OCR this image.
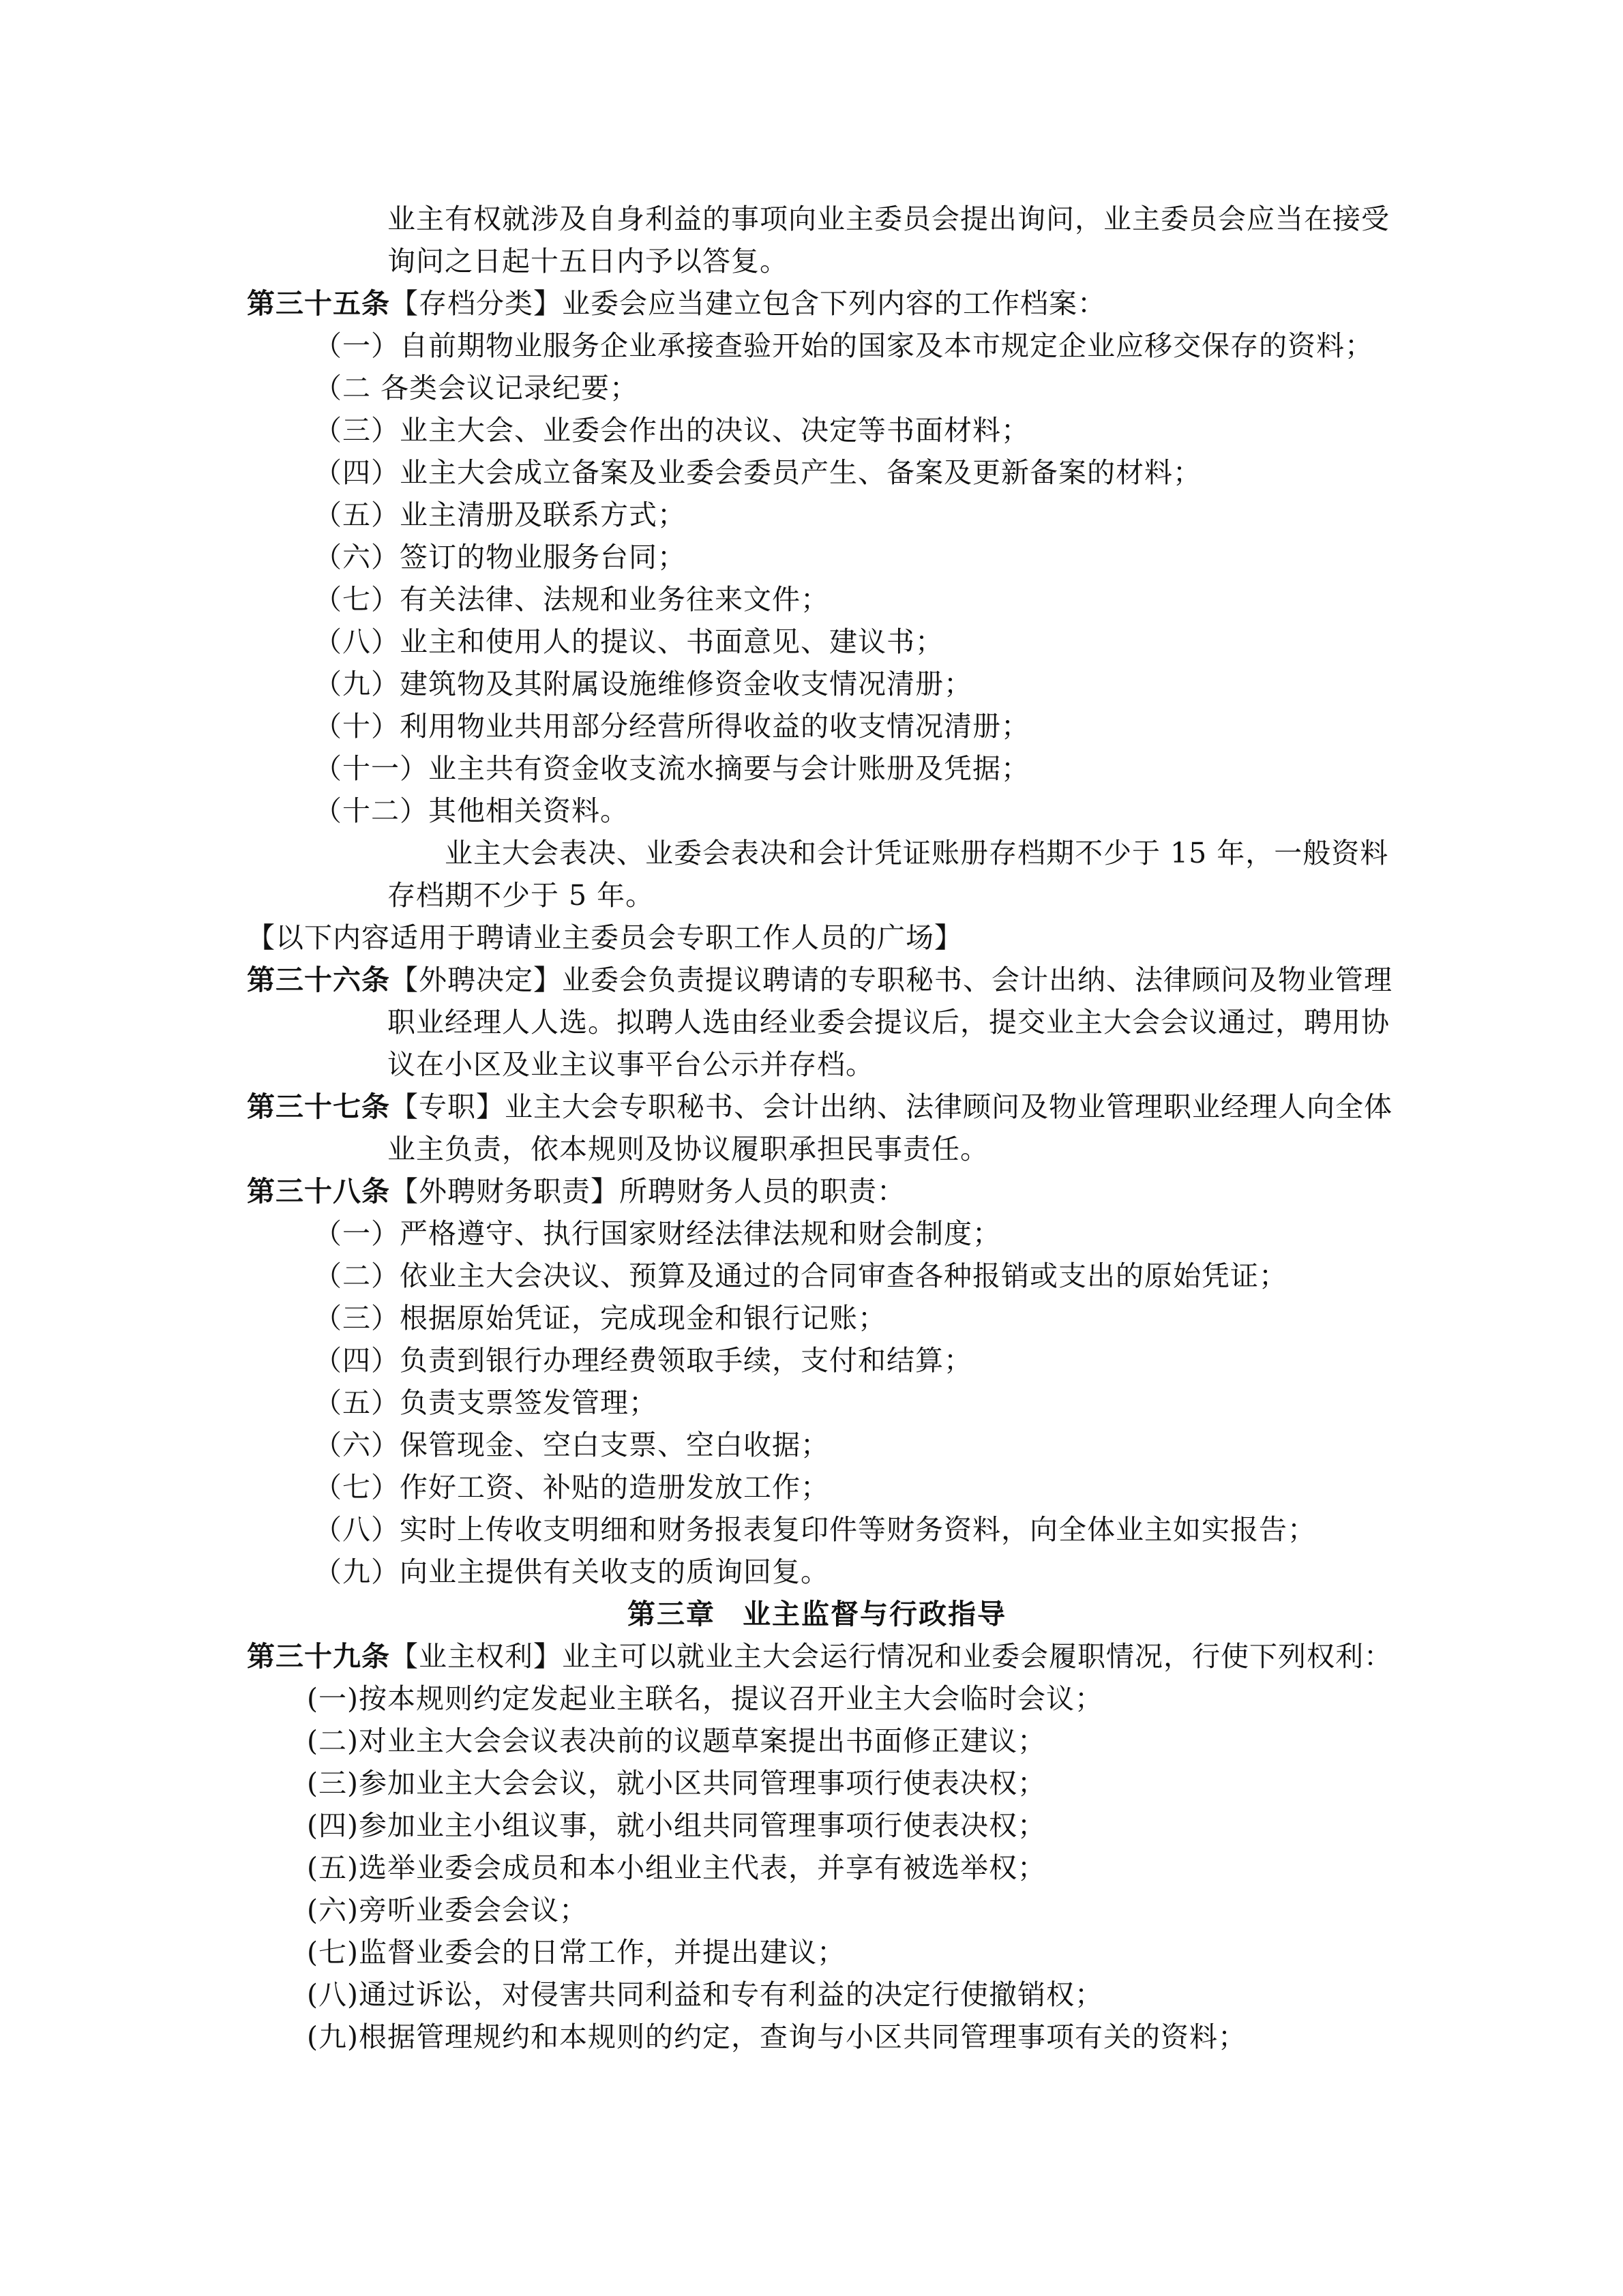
业主有权就涉及自身利益的事项向业主委员会提出询问，业主委员会应当在接受
询问之日起十五日内予以答复。
第三十五条【存档分类】业委会应当建立包含下列内容的工作档案：
（一）自前期物业服务企业承接查验开始的国家及本市规定企业应移交保存的资料；
（二 各类会议记录纪要；
（三）业主大会、业委会作出的决议、决定等书面材料；
（四）业主大会成立备案及业委会委员产生、备案及更新备案的材料；
（五）业主清册及联系方式；
（六）签订的物业服务台同；
（七）有关法律、法规和业务往来文件；
（八）业主和使用人的提议、书面意见、建议书；
（九）建筑物及其附属设施维修资金收支情况清册；
（十）利用物业共用部分经营所得收益的收支情况清册；
（十一）业主共有资金收支流水摘要与会计账册及凭据；
（十二）其他相关资料。
业主大会表决、业委会表决和会计凭证账册存档期不少于 15 年，一般资料
存档期不少于 5 年。
【以下内容适用于聘请业主委员会专职工作人员的广场】
第三十六条【外聘决定】业委会负责提议聘请的专职秘书、会计出纳、法律顾问及物业管理
职业经理人人选。拟聘人选由经业委会提议后，提交业主大会会议通过，聘用协
议在小区及业主议事平台公示并存档。
第三十七条【专职】业主大会专职秘书、会计出纳、法律顾问及物业管理职业经理人向全体
业主负责，依本规则及协议履职承担民事责任。
第三十八条【外聘财务职责】所聘财务人员的职责：
（一）严格遵守、执行国家财经法律法规和财会制度；
（二）依业主大会决议、预算及通过的合同审查各种报销或支出的原始凭证；
（三）根据原始凭证，完成现金和银行记账；
（四）负责到银行办理经费领取手续，支付和结算；
（五）负责支票签发管理；
（六）保管现金、空白支票、空白收据；
（七）作好工资、补贴的造册发放工作；
（八）实时上传收支明细和财务报表复印件等财务资料，向全体业主如实报告；
（九）向业主提供有关收支的质询回复。
第三章 业主监督与行政指导
第三十九条【业主权利】业主可以就业主大会运行情况和业委会履职情况，行使下列权利：
(一)按本规则约定发起业主联名，提议召开业主大会临时会议；
(二)对业主大会会议表决前的议题草案提出书面修正建议；
(三)参加业主大会会议，就小区共同管理事项行使表决权；
(四)参加业主小组议事，就小组共同管理事项行使表决权；
(五)选举业委会成员和本小组业主代表，并享有被选举权；
(六)旁听业委会会议；
(七)监督业委会的日常工作，并提出建议；
(八)通过诉讼，对侵害共同利益和专有利益的决定行使撤销权；
(九)根据管理规约和本规则的约定，查询与小区共同管理事项有关的资料；
